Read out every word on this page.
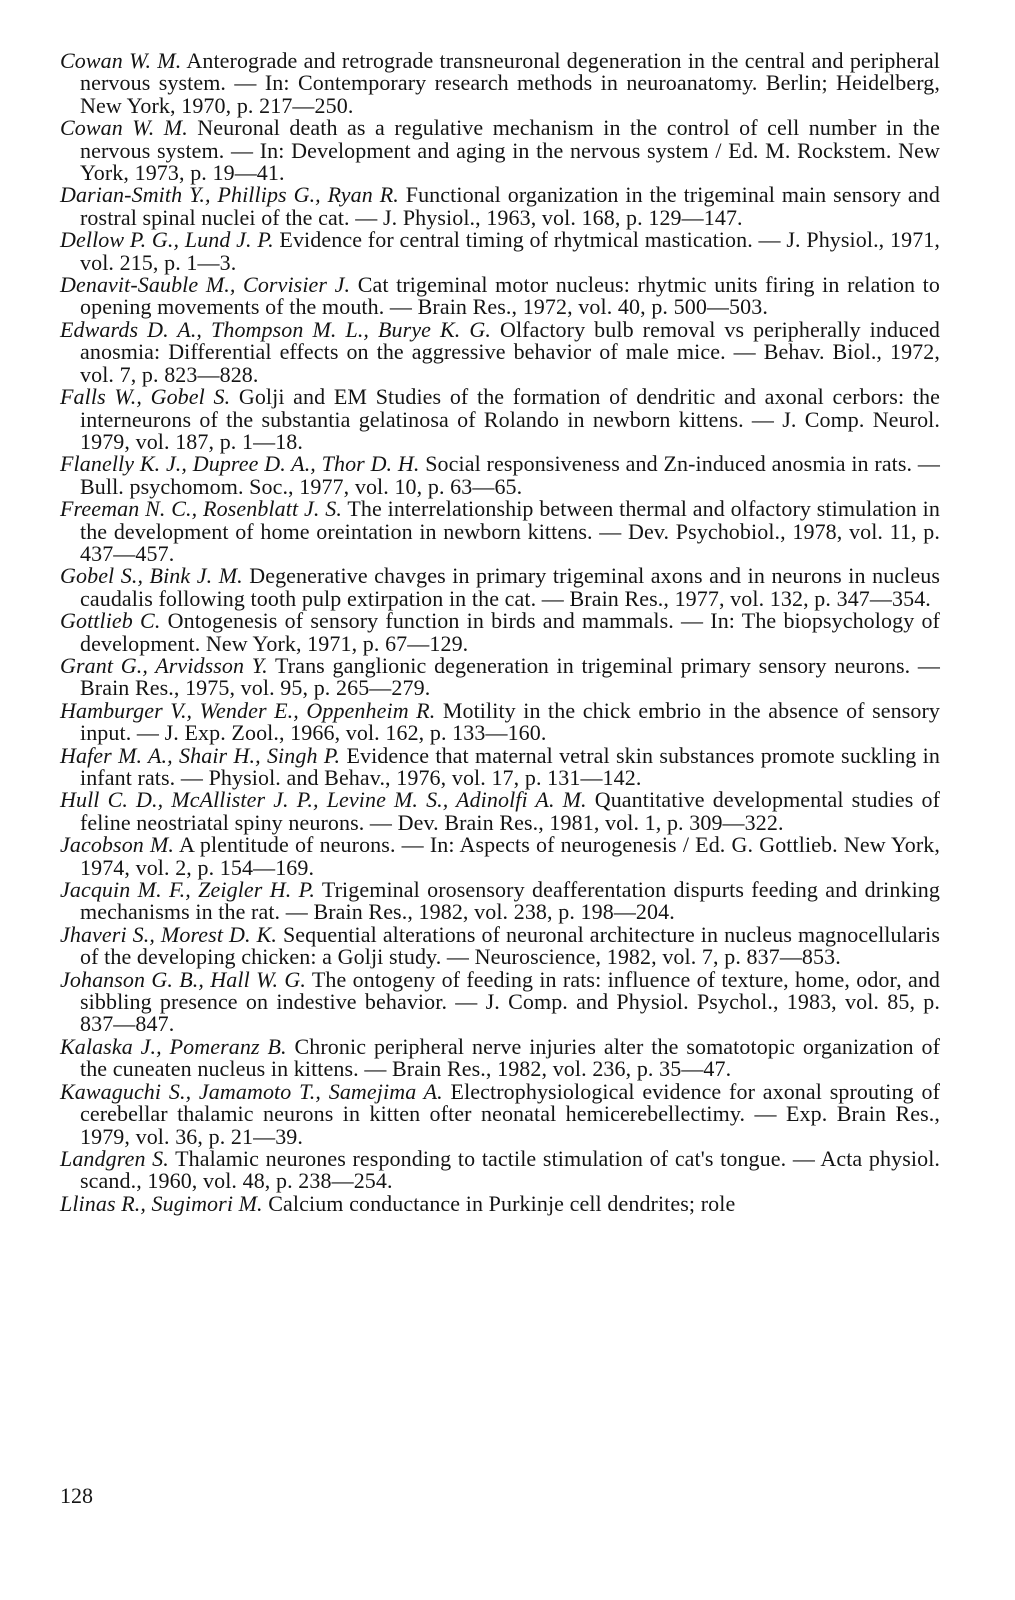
Cowan W. M. Anterograde and retrograde transneuronal degeneration in the central and peripheral nervous system. — In: Contemporary research methods in neuroanatomy. Berlin; Heidelberg, New York, 1970, p. 217—250.
Cowan W. M. Neuronal death as a regulative mechanism in the control of cell number in the nervous system. — In: Development and aging in the nervous system / Ed. M. Rockstem. New York, 1973, p. 19—41.
Darian-Smith Y., Phillips G., Ryan R. Functional organization in the trigeminal main sensory and rostral spinal nuclei of the cat. — J. Physiol., 1963, vol. 168, p. 129—147.
Dellow P. G., Lund J. P. Evidence for central timing of rhytmical mastication. — J. Physiol., 1971, vol. 215, p. 1—3.
Denavit-Sauble M., Corvisier J. Cat trigeminal motor nucleus: rhytmic units firing in relation to opening movements of the mouth. — Brain Res., 1972, vol. 40, p. 500—503.
Edwards D. A., Thompson M. L., Burye K. G. Olfactory bulb removal vs peripherally induced anosmia: Differential effects on the aggressive behavior of male mice. — Behav. Biol., 1972, vol. 7, p. 823—828.
Falls W., Gobel S. Golji and EM Studies of the formation of dendritic and axonal cerbors: the interneurons of the substantia gelatinosa of Rolando in newborn kittens. — J. Comp. Neurol. 1979, vol. 187, p. 1—18.
Flanelly K. J., Dupree D. A., Thor D. H. Social responsiveness and Zn-induced anosmia in rats. — Bull. psychomom. Soc., 1977, vol. 10, p. 63—65.
Freeman N. C., Rosenblatt J. S. The interrelationship between thermal and olfactory stimulation in the development of home oreintation in newborn kittens. — Dev. Psychobiol., 1978, vol. 11, p. 437—457.
Gobel S., Bink J. M. Degenerative chavges in primary trigeminal axons and in neurons in nucleus caudalis following tooth pulp extirpation in the cat. — Brain Res., 1977, vol. 132, p. 347—354.
Gottlieb C. Ontogenesis of sensory function in birds and mammals. — In: The biopsychology of development. New York, 1971, p. 67—129.
Grant G., Arvidsson Y. Trans ganglionic degeneration in trigeminal primary sensory neurons. — Brain Res., 1975, vol. 95, p. 265—279.
Hamburger V., Wender E., Oppenheim R. Motility in the chick embrio in the absence of sensory input. — J. Exp. Zool., 1966, vol. 162, p. 133—160.
Hafer M. A., Shair H., Singh P. Evidence that maternal vetral skin substances promote suckling in infant rats. — Physiol. and Behav., 1976, vol. 17, p. 131—142.
Hull C. D., McAllister J. P., Levine M. S., Adinolfi A. M. Quantitative developmental studies of feline neostriatal spiny neurons. — Dev. Brain Res., 1981, vol. 1, p. 309—322.
Jacobson M. A plentitude of neurons. — In: Aspects of neurogenesis / Ed. G. Gottlieb. New York, 1974, vol. 2, p. 154—169.
Jacquin M. F., Zeigler H. P. Trigeminal orosensory deafferentation dispurts feeding and drinking mechanisms in the rat. — Brain Res., 1982, vol. 238, p. 198—204.
Jhaveri S., Morest D. K. Sequential alterations of neuronal architecture in nucleus magnocellularis of the developing chicken: a Golji study. — Neuroscience, 1982, vol. 7, p. 837—853.
Johanson G. B., Hall W. G. The ontogeny of feeding in rats: influence of texture, home, odor, and sibbling presence on indestive behavior. — J. Comp. and Physiol. Psychol., 1983, vol. 85, p. 837—847.
Kalaska J., Pomeranz B. Chronic peripheral nerve injuries alter the somatotopic organization of the cuneaten nucleus in kittens. — Brain Res., 1982, vol. 236, p. 35—47.
Kawaguchi S., Jamamoto T., Samejima A. Electrophysiological evidence for axonal sprouting of cerebellar thalamic neurons in kitten ofter neonatal hemicerebellectimy. — Exp. Brain Res., 1979, vol. 36, p. 21—39.
Landgren S. Thalamic neurones responding to tactile stimulation of cat's tongue. — Acta physiol. scand., 1960, vol. 48, p. 238—254.
Llinas R., Sugimori M. Calcium conductance in Purkinje cell dendrites; role
128
